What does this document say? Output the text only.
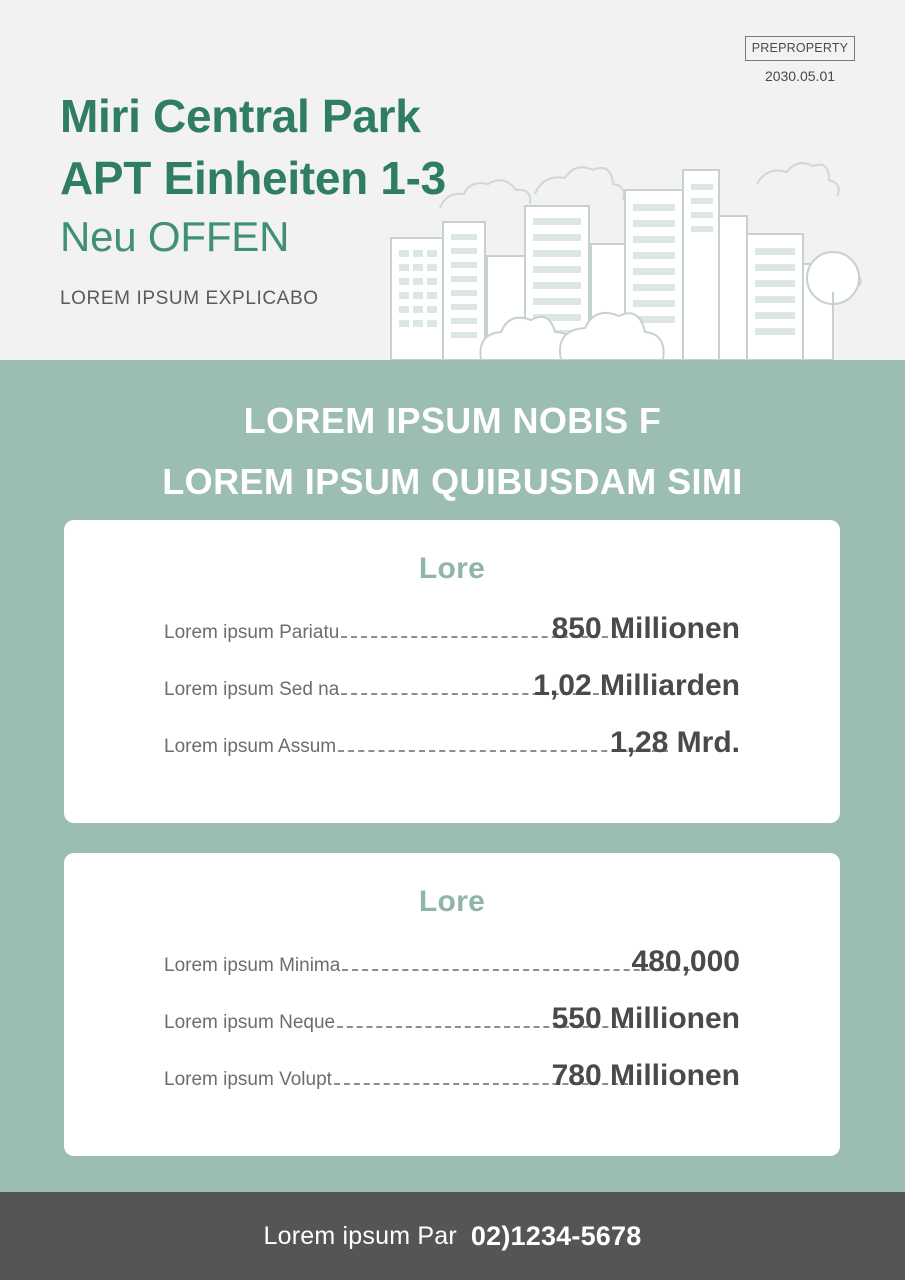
Miri Central Park
APT Einheiten 1-3
Neu OFFEN
LOREM IPSUM EXPLICABO
PREPROPERTY
2030.05.01
LOREM IPSUM NOBIS F
LOREM IPSUM QUIBUSDAM SIMI
Lore
Lorem ipsum Pariatu	850 Millionen
Lorem ipsum Sed na	1,02 Milliarden
Lorem ipsum Assum	1,28 Mrd.
Lore
Lorem ipsum Minima	480,000
Lorem ipsum Neque	550 Millionen
Lorem ipsum Volupt	780 Millionen
Lorem ipsum Par 02)1234-5678
